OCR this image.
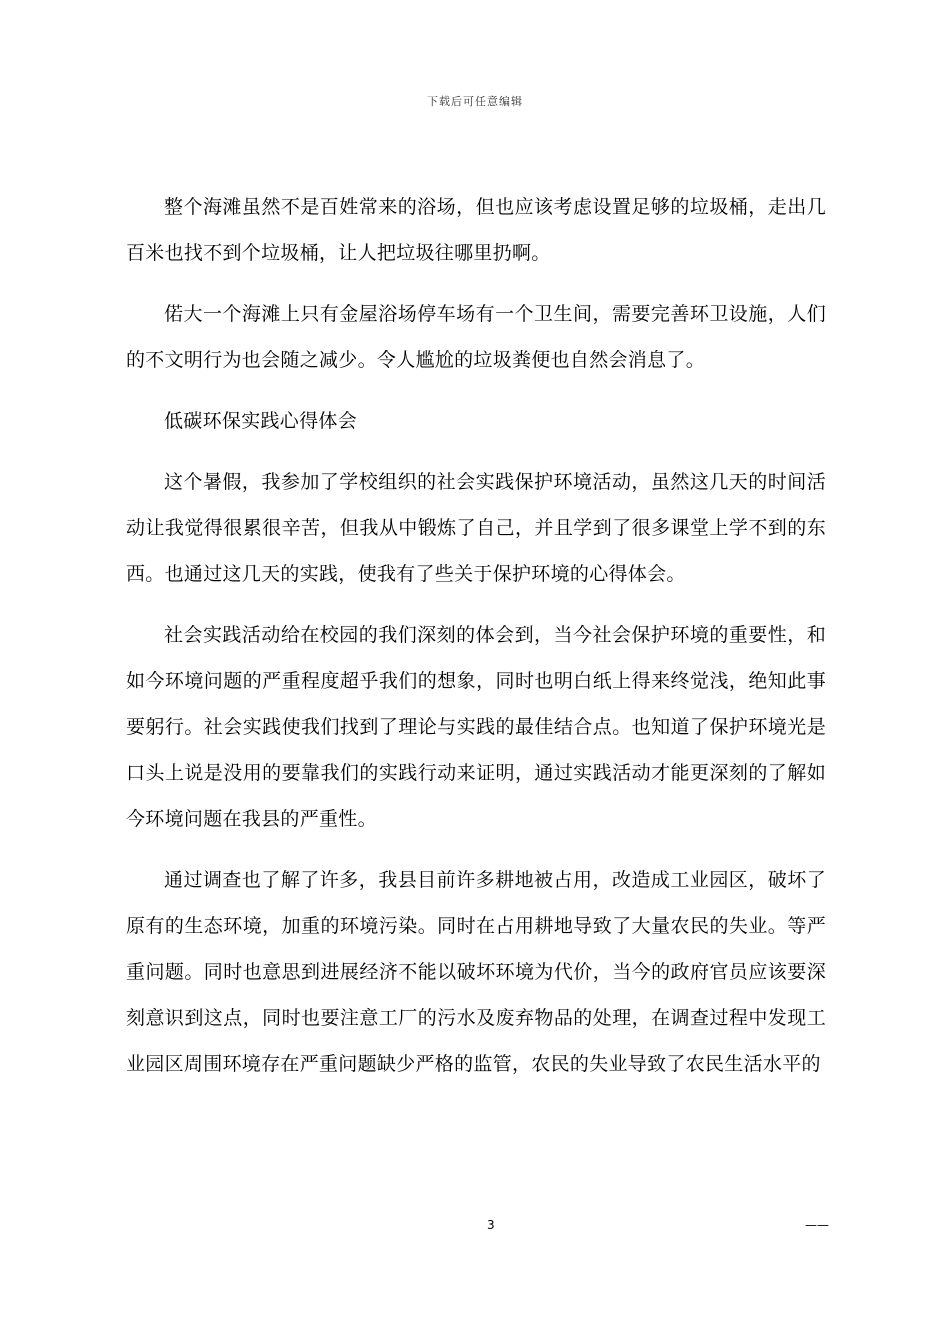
下载后可任意编辑

整个海滩虽然不是百姓常来的浴场，但也应该考虑设置足够的垃圾桶，走出几百米也找不到个垃圾桶，让人把垃圾往哪里扔啊。

偌大一个海滩上只有金屋浴场停车场有一个卫生间，需要完善环卫设施，人们的不文明行为也会随之减少。令人尴尬的垃圾粪便也自然会消息了。

低碳环保实践心得体会

这个暑假，我参加了学校组织的社会实践保护环境活动，虽然这几天的时间活动让我觉得很累很辛苦，但我从中锻炼了自己，并且学到了很多课堂上学不到的东西。也通过这几天的实践，使我有了些关于保护环境的心得体会。

社会实践活动给在校园的我们深刻的体会到，当今社会保护环境的重要性，和如今环境问题的严重程度超乎我们的想象，同时也明白纸上得来终觉浅，绝知此事要躬行。社会实践使我们找到了理论与实践的最佳结合点。也知道了保护环境光是口头上说是没用的要靠我们的实践行动来证明，通过实践活动才能更深刻的了解如今环境问题在我县的严重性。

通过调查也了解了许多，我县目前许多耕地被占用，改造成工业园区，破坏了原有的生态环境，加重的环境污染。同时在占用耕地导致了大量农民的失业。等严重问题。同时也意思到进展经济不能以破坏环境为代价，当今的政府官员应该要深刻意识到这点，同时也要注意工厂的污水及废弃物品的处理，在调查过程中发现工业园区周围环境存在严重问题缺少严格的监管，农民的失业导致了农民生活水平的

3	——
